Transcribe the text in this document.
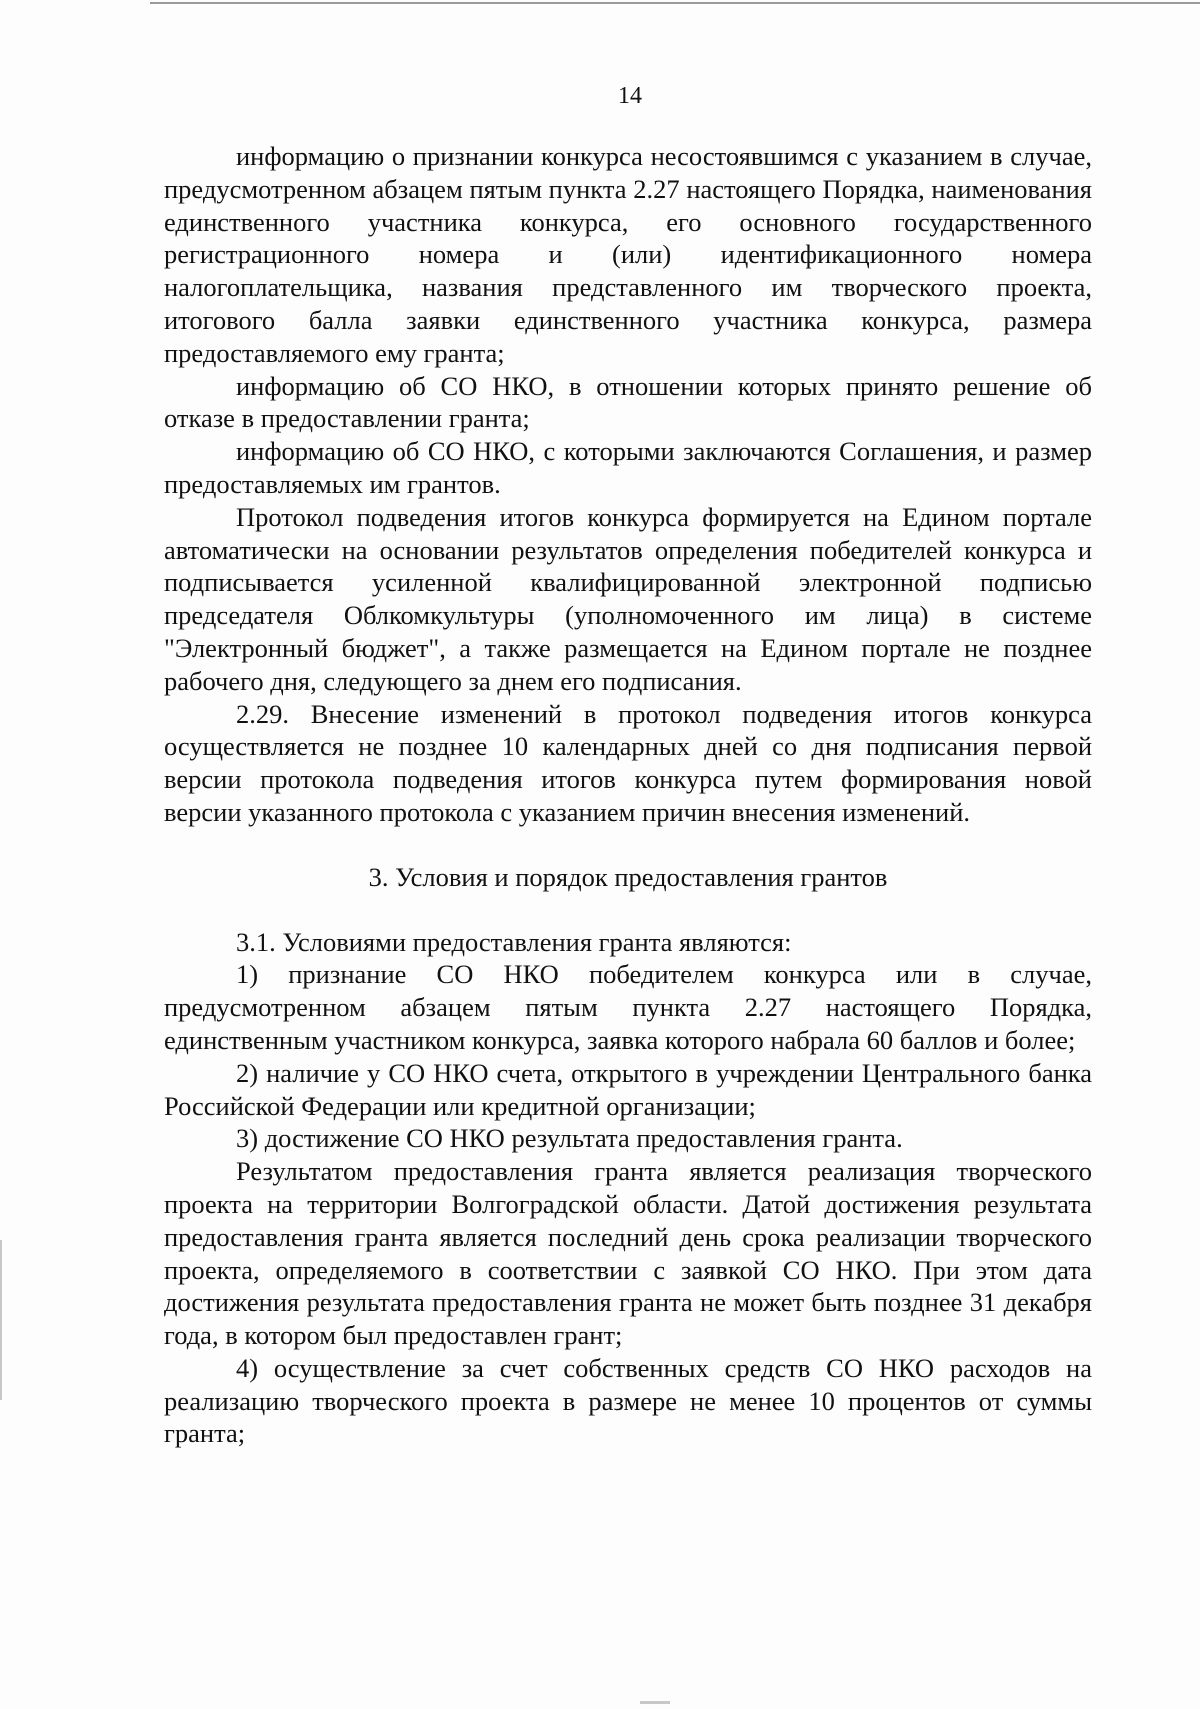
14

информацию о признании конкурса несостоявшимся с указанием в случае, предусмотренном абзацем пятым пункта 2.27 настоящего Порядка, наименования единственного участника конкурса, его основного государственного регистрационного номера и (или) идентификационного номера налогоплательщика, названия представленного им творческого проекта, итогового балла заявки единственного участника конкурса, размера предоставляемого ему гранта;

информацию об СО НКО, в отношении которых принято решение об отказе в предоставлении гранта;

информацию об СО НКО, с которыми заключаются Соглашения, и размер предоставляемых им грантов.

Протокол подведения итогов конкурса формируется на Едином портале автоматически на основании результатов определения победителей конкурса и подписывается усиленной квалифицированной электронной подписью председателя Облкомкультуры (уполномоченного им лица) в системе "Электронный бюджет", а также размещается на Едином портале не позднее рабочего дня, следующего за днем его подписания.

2.29. Внесение изменений в протокол подведения итогов конкурса осуществляется не позднее 10 календарных дней со дня подписания первой версии протокола подведения итогов конкурса путем формирования новой версии указанного протокола с указанием причин внесения изменений.

3. Условия и порядок предоставления грантов

3.1. Условиями предоставления гранта являются:

1) признание СО НКО победителем конкурса или в случае, предусмотренном абзацем пятым пункта 2.27 настоящего Порядка, единственным участником конкурса, заявка которого набрала 60 баллов и более;

2) наличие у СО НКО счета, открытого в учреждении Центрального банка Российской Федерации или кредитной организации;

3) достижение СО НКО результата предоставления гранта.

Результатом предоставления гранта является реализация творческого проекта на территории Волгоградской области. Датой достижения результата предоставления гранта является последний день срока реализации творческого проекта, определяемого в соответствии с заявкой СО НКО. При этом дата достижения результата предоставления гранта не может быть позднее 31 декабря года, в котором был предоставлен грант;

4) осуществление за счет собственных средств СО НКО расходов на реализацию творческого проекта в размере не менее 10 процентов от суммы гранта;
